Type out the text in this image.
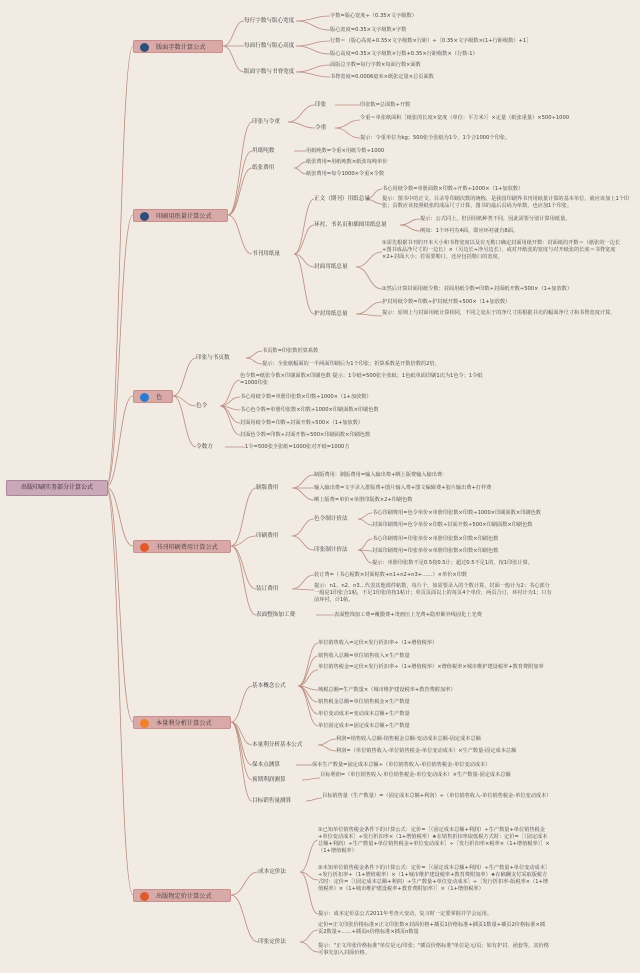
出版印刷实务部分计算公式
版面字数计算公式
每行字数与版心宽度
字数=版心宽度÷（0.35×文字级数）
版心宽度=0.35×文字级数×字数
每面行数与版心高度
行数＝（版心高度+0.35×文字级数×行距）÷［0.35×文字级数×(1+行距级数）+1］
版心高度=0.35×文字级数×行数+0.35×行距级数×（行数-1）
版面字数与书脊宽度
面版总字数=每行字数×每面行数×面数
书脊宽度=0.0006毫米×纸张定量×总页面数
印刷用纸量计算公式
印张与令重
印张	印张数=总面数÷开数
令重
令重＝单张纸面积［纸张的长度×宽度（单位：平方米）］×定量（纸张重量）×500÷1000
提示：令重单位为kg；500张全张纸为1令，1令合1000个印张。
用纸吨数	用纸吨数=令重×用纸令数÷1000
纸张费用
纸张费用=用纸吨数×纸张每吨单价
纸张费用=每令1000×令重×令数
书刊用纸量
正文（期刊）用纸总量
书心用纸令数=单册面数×印数÷开数÷1000×（1+加放数）
提示：图书中的正文、目录等印刷次数的统称，是我国印刷界书刊用纸量计算的基本单位，就应该加上1个印张；页数应该按照纸张的成品尺寸计算，图书的最后页码为单数，也应加1个印张。
环衬、书名页和插图用纸总量
提示：公式同上，但因用纸种类不同，因此需要分别计算用纸量。
例如：1个环衬有4面，即应环衬就有8面。
封面用纸总量
①需先根据书刊的开本大小和书脊宽度以及有无勒口确定封面用纸开数：封面纸的开数＝（纸张的一边长÷图书成品净尺寸的一边长）×（另边长÷净另边长），或对开纸张的宽度与对开纸张的长度＝书脊宽度×2+封面大小；若需要勒口，还应包括勒口的宽度。
②然后计算封面用纸令数：封面用纸令数=印数÷封面纸开数÷500×（1+加放数）
护封用纸总量
护封用纸令数=印数÷护封纸开数÷500×（1+加放数）
提示：原则上与封面用纸计算相同，不同之处在于的净尺寸需根据书壳的幅面净尺寸和书脊宽度计算。
色
印张与书页数
书页数=印张数折算系数
提示：全张纸幅面的一半两面印刷后为1个印张；折算系数是开数倍数的2倍。
色令
色令数=纸张令数×印刷面数×印刷色数 提示：1令纸=500张全张纸；1色纸单面印刷1次为1色令；1令纸=1000印张
书心用纸令数=单册印张数×印数÷1000×（1+加放数）
书心色令数=单册印张数×印数÷1000×印刷面数×印刷色数
封面用纸令数=印数÷封面开数÷500×（1+加放数）
封面色令数=印数÷封面开数÷500×印刷面数×印刷色数
令数方	1令=500张全张纸=1000张对开纸=1000方
书刊印刷费用计算公式
制版费用
制版费用：制版费用=输入输出费+晒上版费输入输出费：
输入输出费=文字录入排版费+图片输入费+图文编辑费+胶片输出费+打样费
晒上版费=单价×单册印版数×2+印刷色数
印刷费用
色令制计价法
书心印刷费用=色令单价×单册印张数×印数÷1000×印刷面数×印刷色数
封面印刷费用=色令单价×印数÷封面开数÷500×印刷面数×印刷色数
印张制计价法
书心印刷费用=印张单价×单册印张数×印数×印刷色数
封面印刷费用=印张单价×单册印张数×印数×印刷色数
提示：单册印张数不足0.5按0.5计；超过0.5不足1的，按1印张计算。
装订费用
装订费=（书心帖数×封面帖数+n1+n2+n3+……）×单价×印数
提示：n1、n2、n3…代表其他部件帖数，每片个，如需要录入的个数计算，封面一般计为2；书心部分一般是1印张合1帖，不足1印张的按1帖计；单页页面以上的每页4个单价，两页合订，环衬计为1；只有前环衬，计1帖。
表面整饰加工费	表面整饰加工费=覆膜费+烫画压上光费+隐形紫外线固化上光费
本量利分析计算公式
基本概念公式
单位销售收入=定价×发行折扣率÷（1+增值税率）
销售收入总额=单位销售收入×生产数量
单位销售税金=定价×发行折扣率÷（1+增值税率）×增值税率×城市维护建设税率+教育费附加率
城税总额=生产数量×（城市维护建设税率+教育费附加率）
销售税金总额=单位销售税金×生产数量
单位变动成本=变动成本总额÷生产数量
单位固定成本=固定成本总额÷生产数量
本量利分析基本公式
利润=销售收入总额-销售税金总额-变动成本总额-固定成本总额
利润=（单位销售收入-单位销售税金-单位变动成本）×生产数量-固定成本总额
保本点测算	保本生产数量=固定成本总额÷（单位销售收入-单位销售税金-单位变动成本）
预期利润测算
目标利润=（单位销售收入-单位销售税金-单位变动成本）×生产数量-固定成本总额
目标销售量测算
目标销售量（生产数量）=（固定成本总额+利润）÷（单位销售收入-单位销售税金-单位变动成本）
出版物定价计算公式
成本定价法
①已知单位销售税金条件下的计算公式：定价=［（固定成本总额+利润）÷生产数量+单位销售税金+单位变动成本］÷发行折扣率×（1+增值税率）★在销售折扣率取低税方式时：定价=［（固定成本总额+利润）÷生产数量+单位销售税金+单位变动成本］÷［发行折扣率×税率×（1+增值税率）］×（1+增值税率）
②未知单位销售税金条件下的计算公式：定价=［（固定成本总额+利润）÷生产数量+单位变动成本］÷发行折扣率÷（1+增值税率）×（1+城市维护建设税率+教育费附加率）★在稿酬支付采取版税方式时：定价=［（固定成本总额+利润）÷生产数量+单位变动成本］÷［发行折扣率-版税率×（1+增值税率）×（1+城市维护建设税率+教育费附加率）］×（1+增值税率）
提示：成本定价法公式2011年考查大变动，复习时一定要掌握并学会运用。
印张定价法
定价=正文印张价格标准×正文印张数×封面价格+插页1价格标准+插页1数量+插页2价格标准×插页2数量+……+插页n价格标准×插页n数量
提示："正文印张价格标准"单位是元/印张；"插页价格标准"单位是元/页；如有护封、函套等，其价格可事先加入封面价格。
